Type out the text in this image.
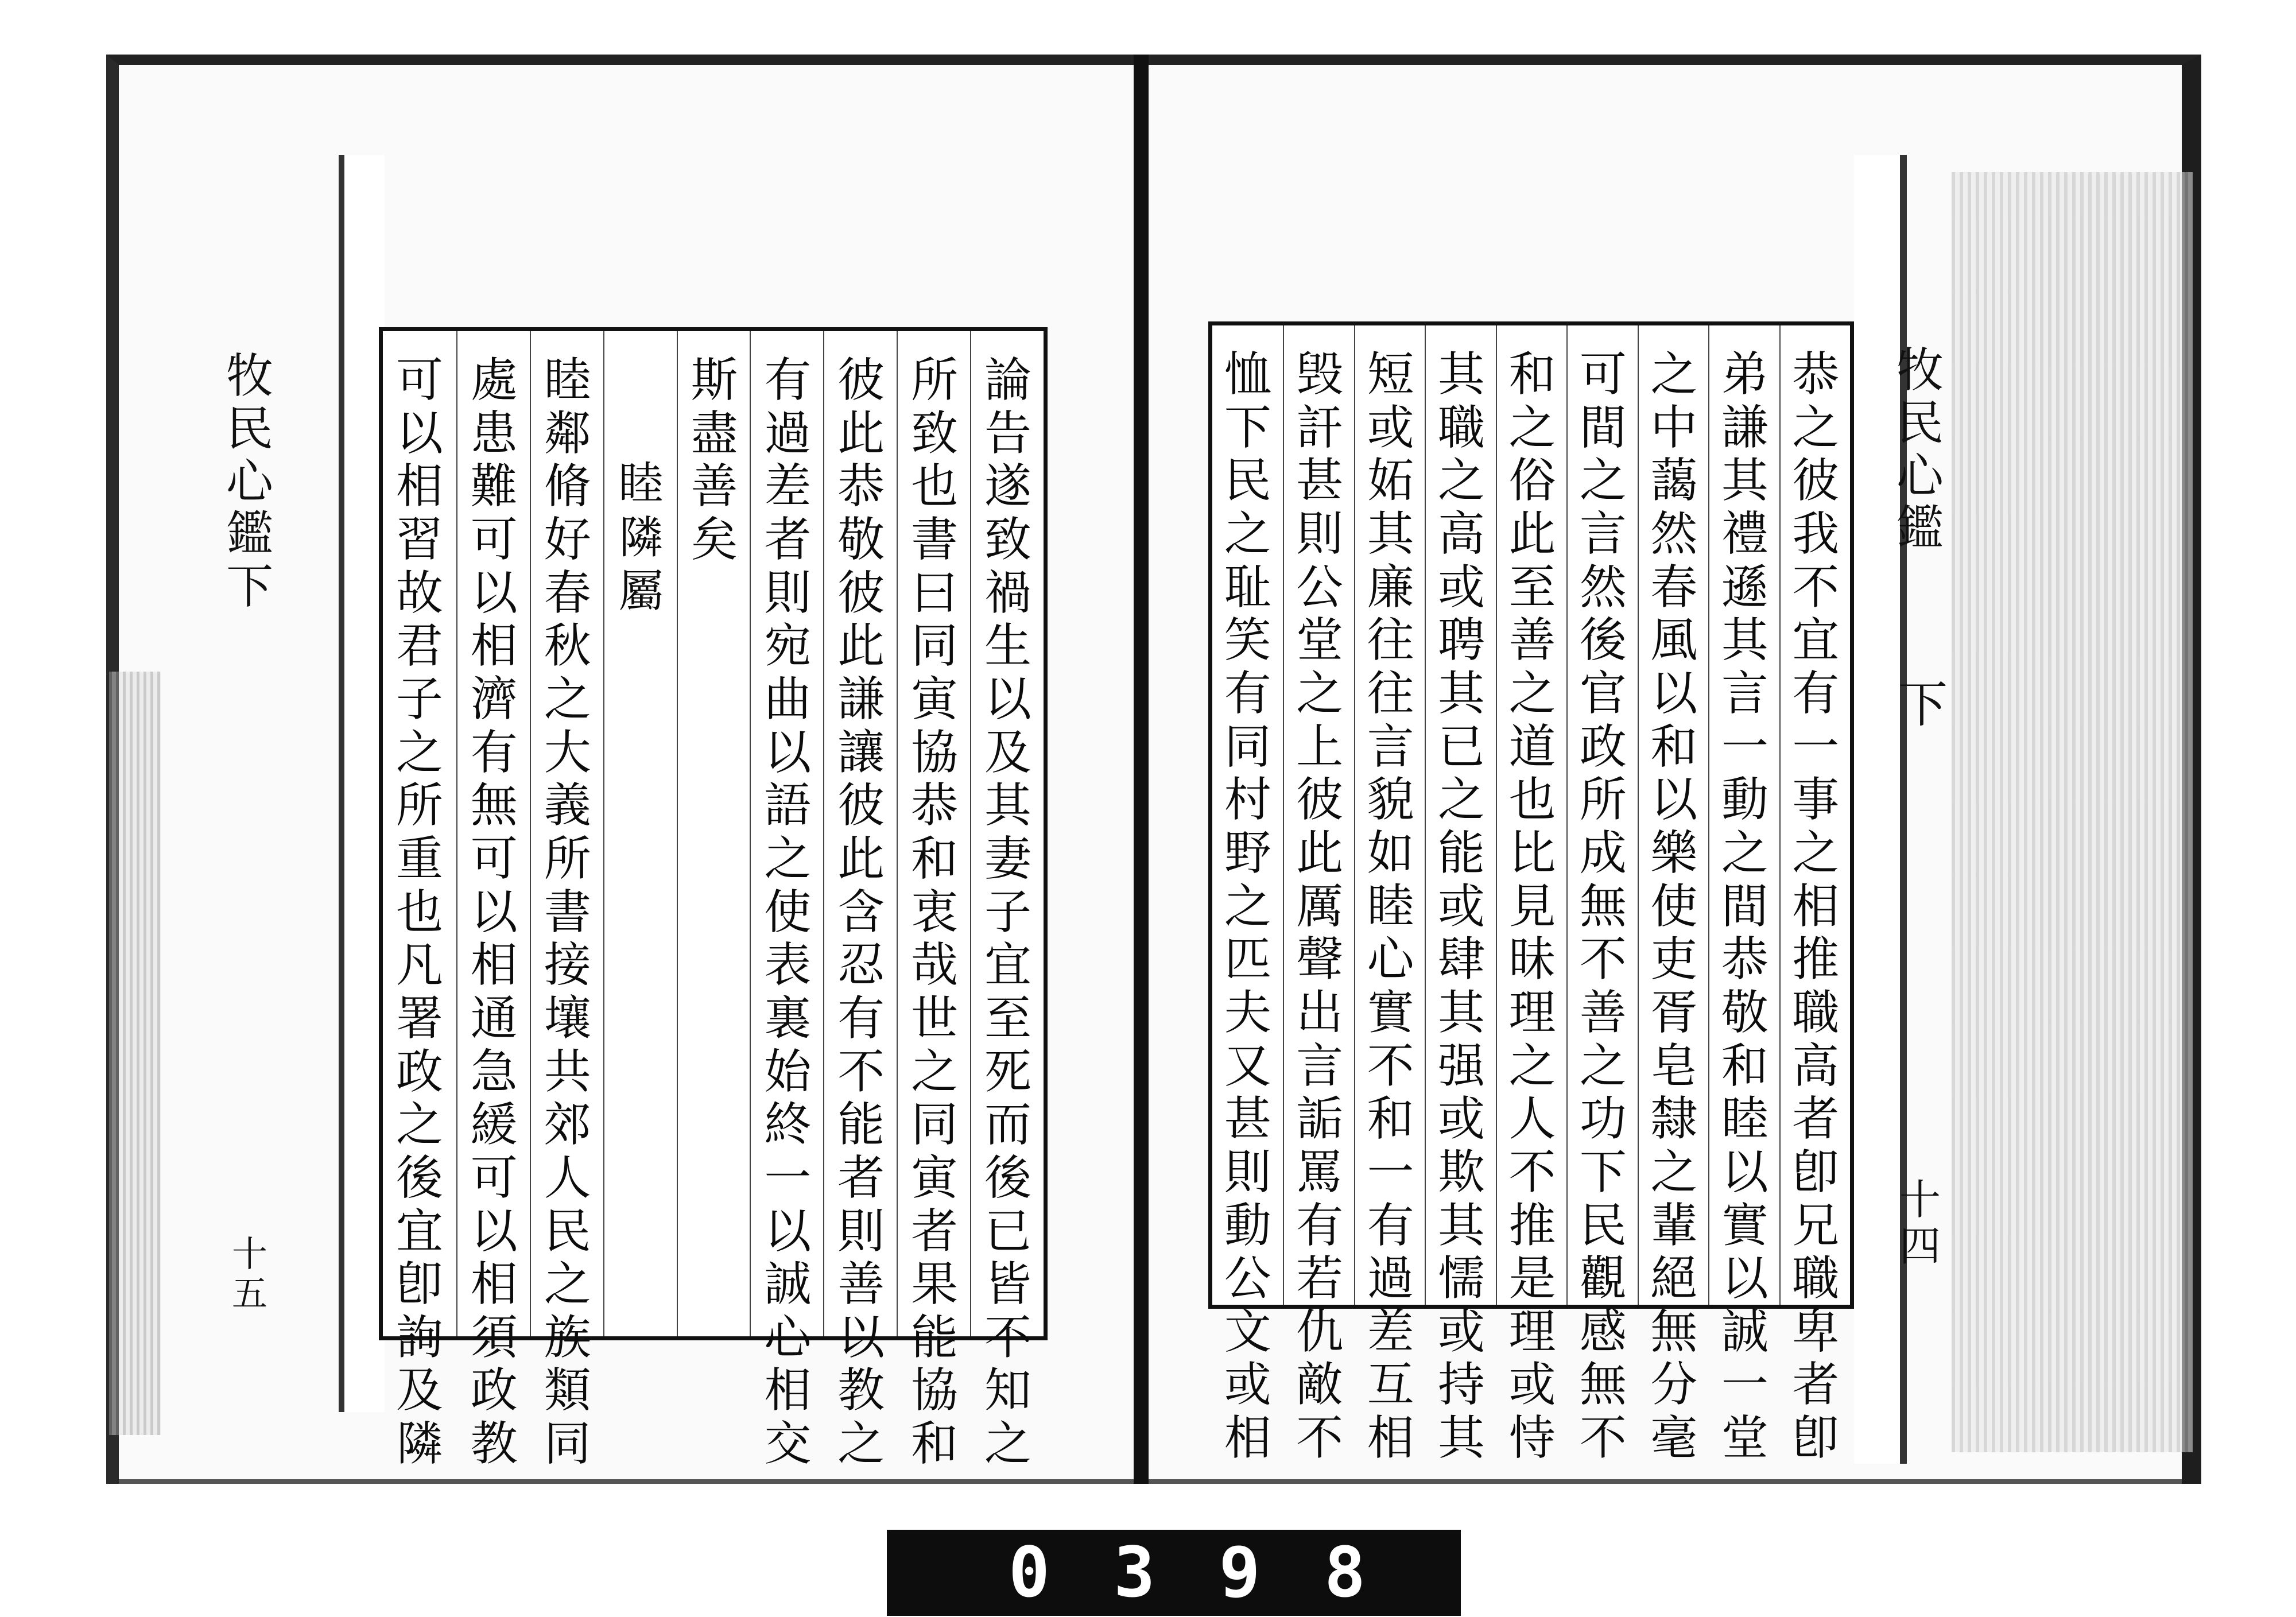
論
告
遂
致
禍
生
以
及
其
妻
子
宜
至
死
而
後
已
皆
不
知
之
所
致
也
書
曰
同
寅
協
恭
和
衷
哉
世
之
同
寅
者
果
能
協
和
彼
此
恭
敬
彼
此
謙
讓
彼
此
含
忍
有
不
能
者
則
善
以
教
之
有
過
差
者
則
宛
曲
以
語
之
使
表
裏
始
終
一
以
誠
心
相
交
斯
盡
善
矣
睦
隣
屬
睦
鄰
脩
好
春
秋
之
大
義
所
書
接
壤
共
郊
人
民
之
族
類
同
處
患
難
可
以
相
濟
有
無
可
以
相
通
急
緩
可
以
相
須
政
教
可
以
相
習
故
君
子
之
所
重
也
凡
署
政
之
後
宜
卽
詢
及
隣
恭
之
彼
我
不
宜
有
一
事
之
相
推
職
高
者
卽
兄
職
卑
者
卽
弟
謙
其
禮
遜
其
言
一
動
之
間
恭
敬
和
睦
以
實
以
誠
一
堂
之
中
藹
然
春
風
以
和
以
樂
使
吏
胥
皂
隸
之
輩
絕
無
分
毫
可
間
之
言
然
後
官
政
所
成
無
不
善
之
功
下
民
觀
感
無
不
和
之
俗
此
至
善
之
道
也
比
見
昧
理
之
人
不
推
是
理
或
恃
其
職
之
高
或
聘
其
已
之
能
或
肆
其
强
或
欺
其
懦
或
持
其
短
或
妬
其
廉
往
往
言
貌
如
睦
心
實
不
和
一
有
過
差
互
相
毁
訐
甚
則
公
堂
之
上
彼
此
厲
聲
出
言
詬
罵
有
若
仇
敵
不
恤
下
民
之
耻
笑
有
同
村
野
之
匹
夫
又
甚
則
動
公
文
或
相
牧
民
心
鑑
下
十
四
牧
民
心
鑑
下
十
五
0 3 9 8
